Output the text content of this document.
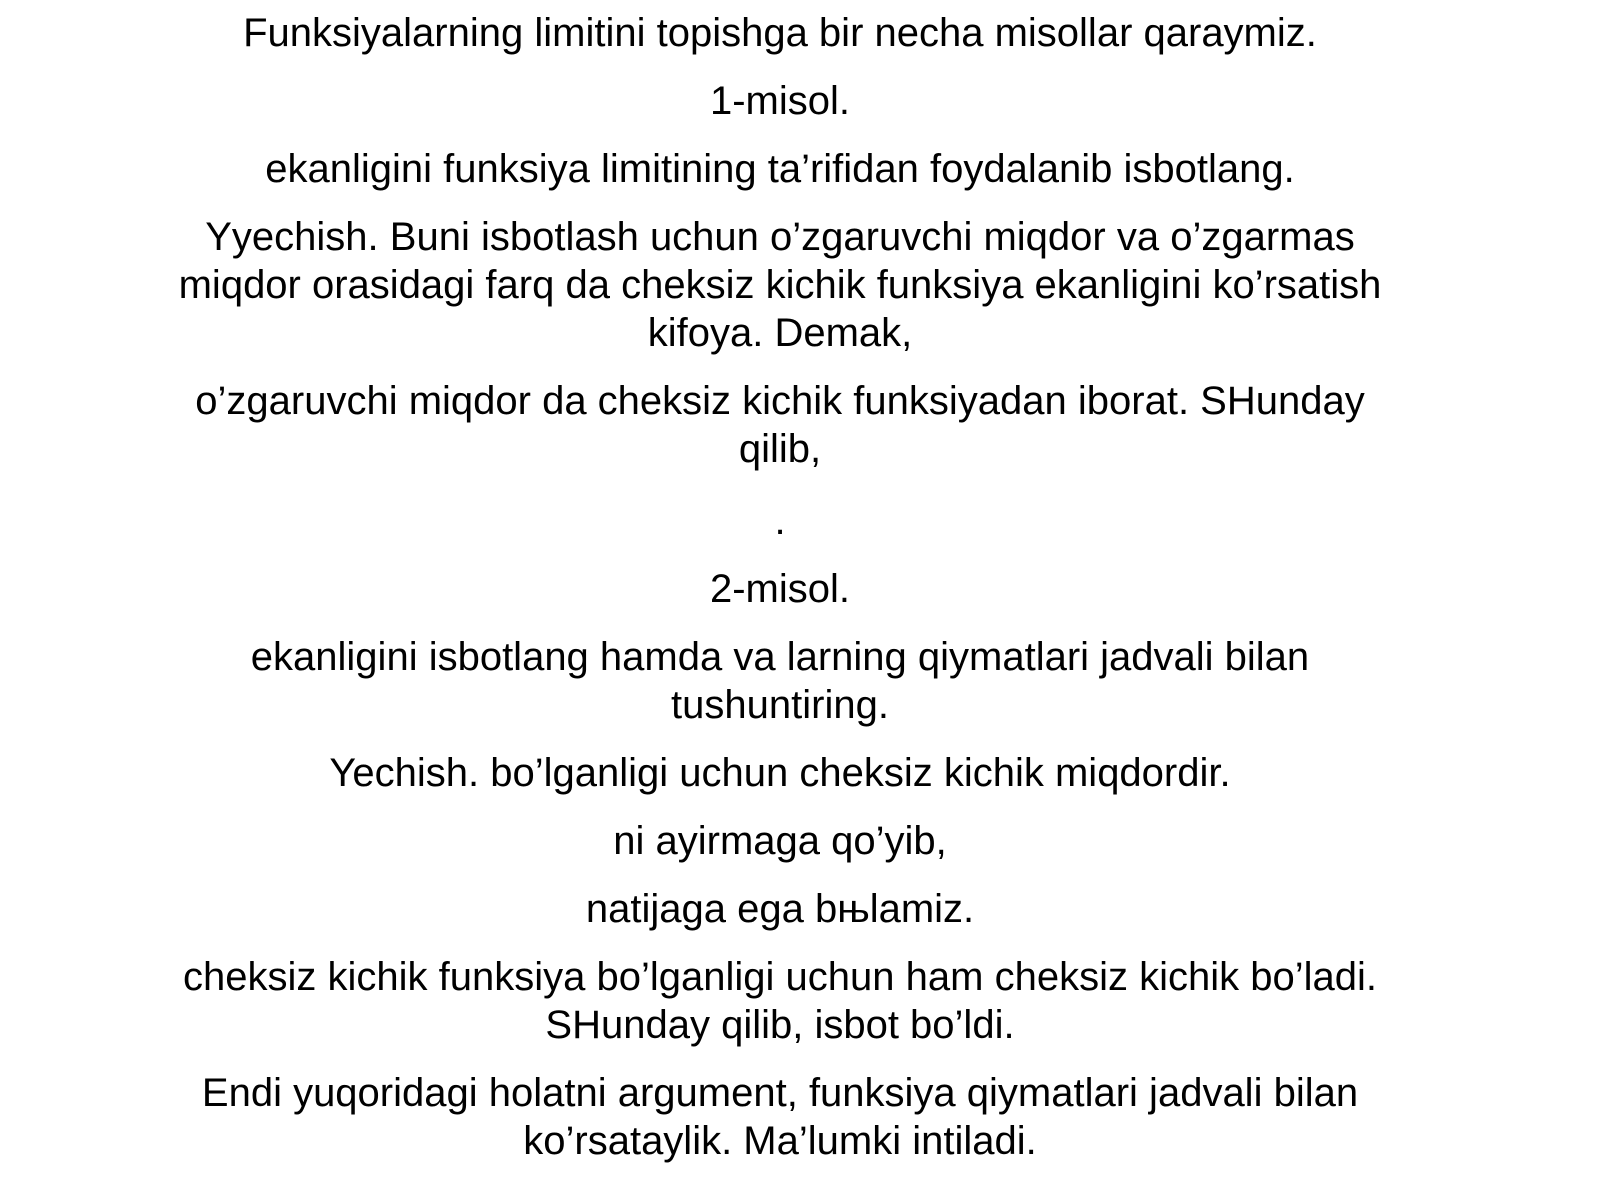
Funksiyalarning limitini topishga bir necha misollar qaraymiz.

1-misol.

ekanligini funksiya limitining ta’rifidan foydalanib isbotlang.

Yyechish. Buni isbotlash uchun o’zgaruvchi miqdor va o’zgarmas miqdor orasidagi farq da cheksiz kichik funksiya ekanligini ko’rsatish kifoya. Demak,

o’zgaruvchi miqdor da cheksiz kichik funksiyadan iborat. SHunday qilib,

.

2-misol.

ekanligini isbotlang hamda va larning qiymatlari jadvali bilan tushuntiring.

Yechish. bo’lganligi uchun cheksiz kichik miqdordir.

ni ayirmaga qo’yib,

natijaga ega bњlamiz.

cheksiz kichik funksiya bo’lganligi uchun ham cheksiz kichik bo’ladi. SHunday qilib, isbot bo’ldi.

Endi yuqoridagi holatni argument, funksiya qiymatlari jadvali bilan ko’rsataylik. Ma’lumki intiladi.
